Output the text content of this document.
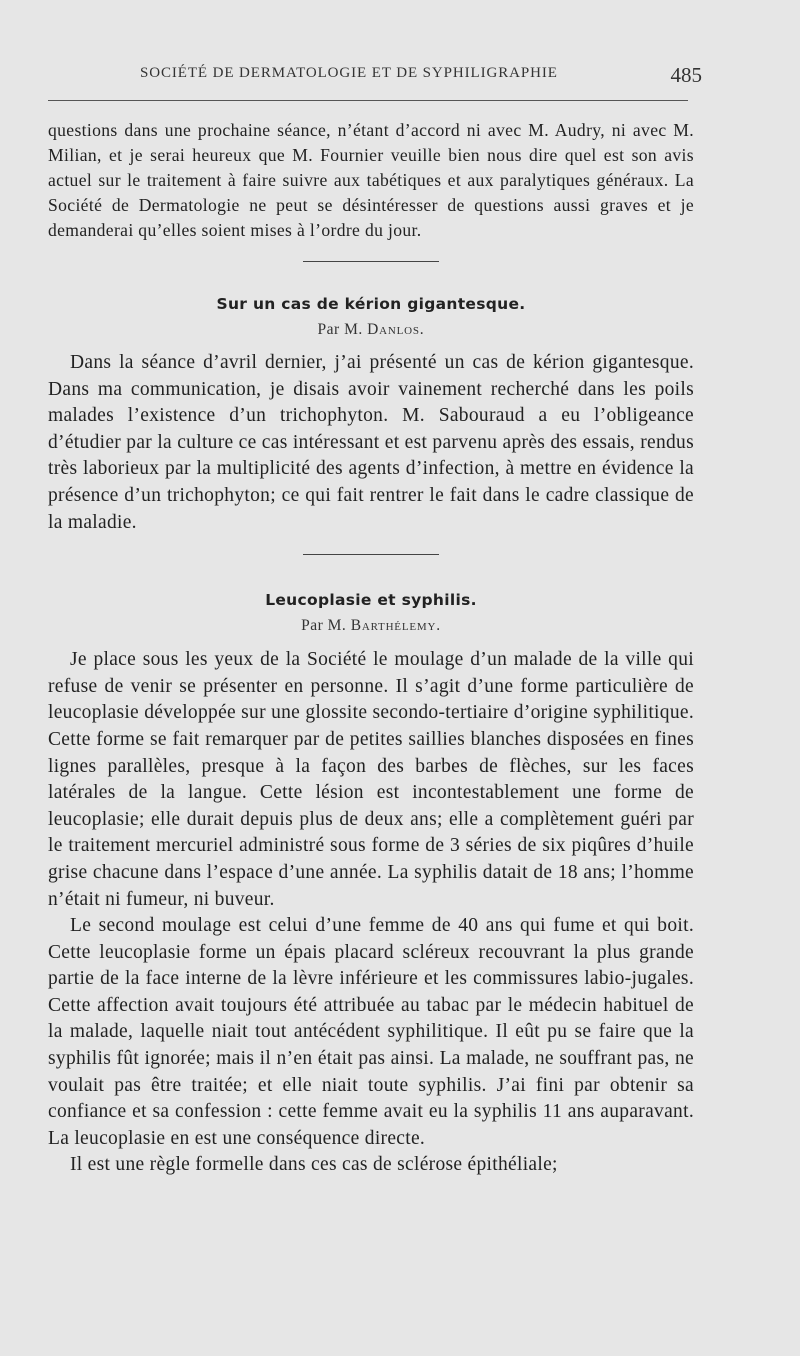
SOCIÉTÉ DE DERMATOLOGIE ET DE SYPHILIGRAPHIE	485

questions dans une prochaine séance, n’étant d’accord ni avec M. Audry, ni avec M. Milian, et je serai heureux que M. Fournier veuille bien nous dire quel est son avis actuel sur le traitement à faire suivre aux tabétiques et aux paralytiques généraux. La Société de Dermatologie ne peut se désintéresser de questions aussi graves et je demanderai qu’elles soient mises à l’ordre du jour.

Sur un cas de kérion gigantesque.
Par M. Danlos.

Dans la séance d’avril dernier, j’ai présenté un cas de kérion gigantesque. Dans ma communication, je disais avoir vainement recherché dans les poils malades l’existence d’un trichophyton. M. Sabouraud a eu l’obligeance d’étudier par la culture ce cas intéressant et est parvenu après des essais, rendus très laborieux par la multiplicité des agents d’infection, à mettre en évidence la présence d’un trichophyton; ce qui fait rentrer le fait dans le cadre classique de la maladie.

Leucoplasie et syphilis.
Par M. Barthélemy.

Je place sous les yeux de la Société le moulage d’un malade de la ville qui refuse de venir se présenter en personne. Il s’agit d’une forme particulière de leucoplasie développée sur une glossite secondo-tertiaire d’origine syphilitique. Cette forme se fait remarquer par de petites saillies blanches disposées en fines lignes parallèles, presque à la façon des barbes de flèches, sur les faces latérales de la langue. Cette lésion est incontestablement une forme de leucoplasie; elle durait depuis plus de deux ans; elle a complètement guéri par le traitement mercuriel administré sous forme de 3 séries de six piqûres d’huile grise chacune dans l’espace d’une année. La syphilis datait de 18 ans; l’homme n’était ni fumeur, ni buveur.

Le second moulage est celui d’une femme de 40 ans qui fume et qui boit. Cette leucoplasie forme un épais placard scléreux recouvrant la plus grande partie de la face interne de la lèvre inférieure et les commissures labio-jugales. Cette affection avait toujours été attribuée au tabac par le médecin habituel de la malade, laquelle niait tout antécédent syphilitique. Il eût pu se faire que la syphilis fût ignorée; mais il n’en était pas ainsi. La malade, ne souffrant pas, ne voulait pas être traitée; et elle niait toute syphilis. J’ai fini par obtenir sa confiance et sa confession : cette femme avait eu la syphilis 11 ans auparavant. La leucoplasie en est une conséquence directe.

Il est une règle formelle dans ces cas de sclérose épithéliale;
